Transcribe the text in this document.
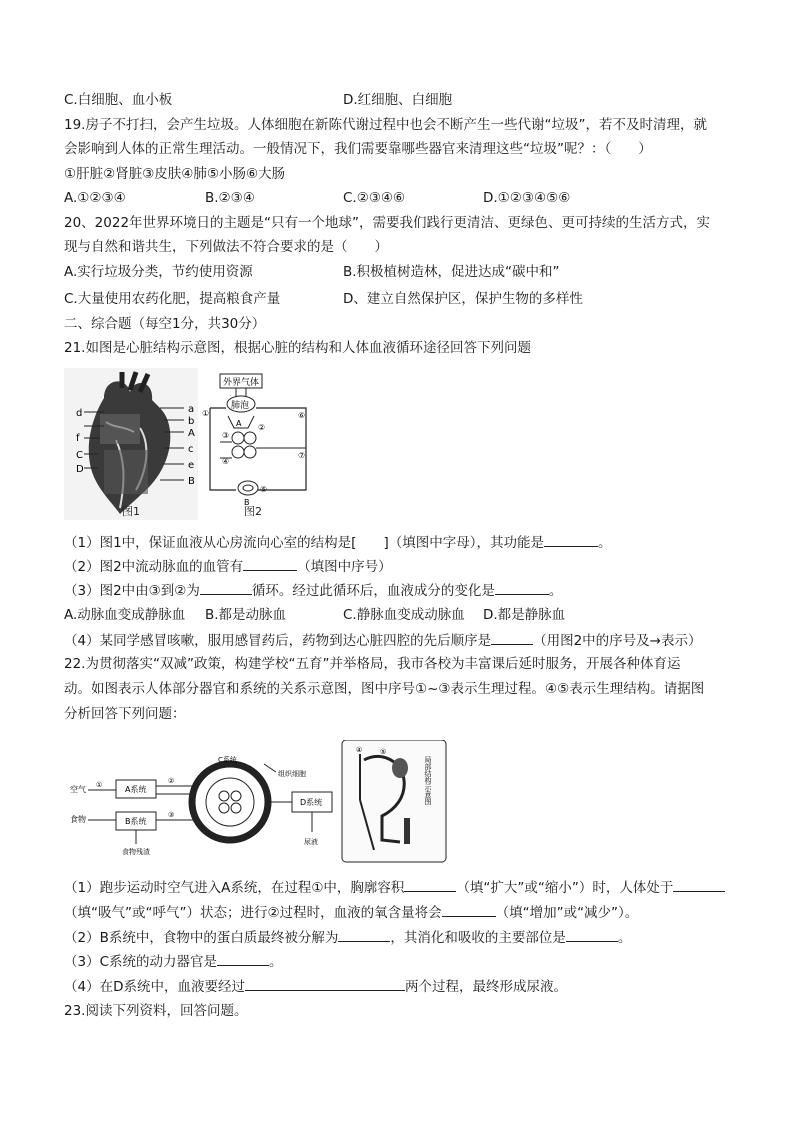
C.白细胞、血小板	D.红细胞、白细胞
19.房子不打扫，会产生垃圾。人体细胞在新陈代谢过程中也会不断产生一些代谢“垃圾”，若不及时清理，就
会影响到人体的正常生理活动。一般情况下，我们需要靠哪些器官来清理这些“垃圾”呢？：（　　）
①肝脏②肾脏③皮肤④肺⑤小肠⑥大肠
A.①②③④	B.②③④	C.②③④⑥	D.①②③④⑤⑥
20、2022年世界环境日的主题是“只有一个地球”，需要我们践行更清洁、更绿色、更可持续的生活方式，实
现与自然和谐共生，下列做法不符合要求的是（　　）
A.实行垃圾分类，节约使用资源	B.积极植树造林，促进达成“碳中和”
C.大量使用农药化肥，提高粮食产量	D、建立自然保护区，保护生物的多样性
二、综合题（每空1分，共30分）
21.如图是心脏结构示意图，根据心脏的结构和人体血液循环途径回答下列问题
d	a
b
A
f
C
c
e
D
B
图1
外界气体
肺泡
①	⑥
②
③
④
⑦
⑤
A
B
图2
（1）图1中，保证血液从心房流向心室的结构是[　　]（填图中字母），其功能是	。
（2）图2中流动脉血的血管有	（填图中序号）
（3）图2中由③到②为	循环。经过此循环后，血液成分的变化是	。
A.动脉血变成静脉血 B.都是动脉血	C.静脉血变成动脉血 D.都是静脉血
（4）某同学感冒咳嗽，服用感冒药后，药物到达心脏四腔的先后顺序是	（用图2中的序号及→表示）
22.为贯彻落实“双减”政策，构建学校“五育”并举格局，我市各校为丰富课后延时服务，开展各种体育运
动。如图表示人体部分器官和系统的关系示意图，图中序号①~③表示生理过程。④⑤表示生理结构。请据图
分析回答下列问题：
空气
食物
A系统
B系统
②
①
③
食物残渣
C系统
组织细胞
D系统
尿液
④	⑤
局部结构示意图
（1）跑步运动时空气进入A系统，在过程①中，胸廓容积	（填“扩大”或“缩小”）时，人体处于
（填“吸气”或“呼气”）状态；进行②过程时，血液的氧含量将会	（填“增加”或“减少”）。
（2）B系统中，食物中的蛋白质最终被分解为	，其消化和吸收的主要部位是	。
（3）C系统的动力器官是	。
（4）在D系统中，血液要经过	两个过程，最终形成尿液。
23.阅读下列资料，回答问题。
